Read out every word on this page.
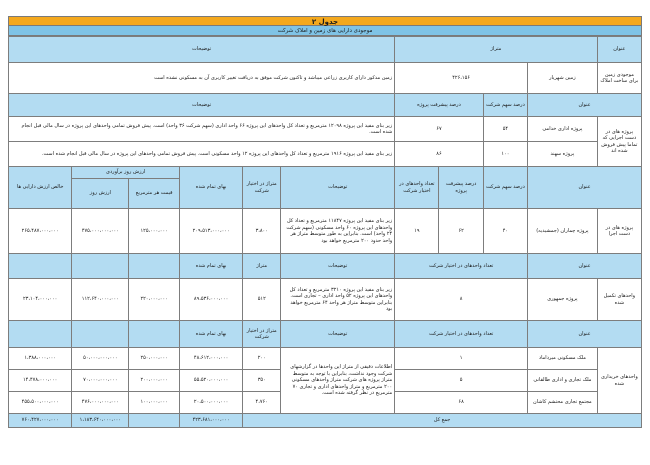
جدول ۲
موجودی دارایی های زمین و املاک شرکت
عنوان	متراژ		توضیحات
موجودی زمین برای ساخت املاک	زمین شهریار	۴۲۶،۱۵۶	زمین مذکور دارای کاربری زراعی میباشد و تاکنون شرکت موفق به دریافت تغییر کاربری آن به مسکونی نشده است
عنوان		درصد سهم شرکت	درصد پیشرفت پروژه	توضیحات
پروژه های در دست اجرایی که تماما پیش فروش شده اند	پروژه اداری خدامی	۵۴	۶۷	زیر بنای مفید این پروژه ۱۲۰۹۸ مترمربع و تعداد کل واحدهای این پروژه ۶۶ واحد اداری (سهم شرکت ۳۶ واحد) است. پیش فروش تمامی واحدهای این پروژه در سال مالی قبل انجام شده است.
	پروژه سهند	۱۰۰	۸۶	زیر بنای مفید این پروژه ۱۹۱۶ مترمربع و تعداد کل واحدهای این پروژه ۱۲ واحد مسکونی است. پیش فروش تمامی واحدهای این پروژه در سال مالی قبل انجام شده است.
عنوان		درصد سهم شرکت	درصد پیشرفت پروژه	تعداد واحدهای در اختیار شرکت	توضیحات	متراژ در اختیار شرکت	بهای تمام شده	ارزش روز برآوردی		خالص ارزش دارایی ها
								قیمت هر مترمربع	ارزش روز	
پروژه های در دست اجرا	پروژه چماران (جمشیدیه)	۴۰	۶۲	۱۹	زیر بنای مفید این پروژه ۱۱۸۴۷ مترمربع و تعداد کل واحدهای این پروژه ۶۰ واحد مسکونی (سهم شرکت ۲۴ واحد) است. بنابراین به طور متوسط متراژ هر واحد حدود ۲۰۰ مترمربع خواهد بود	۳،۸۰۰	۲۰۹،۵۱۳،۰۰۰،۰۰۰	۱۲۵،۰۰۰،۰۰۰	۴۷۵،۰۰۰،۰۰۰،۰۰۰	۲۶۵،۴۸۷،۰۰۰،۰۰۰
عنوان		تعداد واحدهای در اختیار شرکت	توضیحات	متراژ	بهای تمام شده			
واحدهای تکمیل شده	پروژه جمهوری	۸	زیر بنای مفید این پروژه ۳۲۱۰ مترمربع و تعداد کل واحدهای این پروژه ۵۲ واحد اداری – تجاری است. بنابراین متوسط متراژ هر واحد ۶۴ مترمربع خواهد بود	۵۱۲	۸۹،۵۳۶،۰۰۰،۰۰۰	۲۲۰،۰۰۰،۰۰۰	۱۱۲،۶۴۰،۰۰۰،۰۰۰	۲۳،۱۰۴،۰۰۰،۰۰۰
عنوان		تعداد واحدهای در اختیار شرکت	توضیحات	متراژ در اختیار شرکت	بهای تمام شده			
واحدهای خریداری شده	ملک مسکونی میرداماد	۱	اطلاعات دقیقی از متراژ این واحدها در گزارشهای شرکت وجود نداشت، بنابراین با توجه به متوسط متراژ پروژه های شرکت متراژ واحدهای مسکونی ۲۰۰ مترمربع و متراژ واحدهای اداری و تجاری ۷۰ مترمربع در نظر گرفته شده است.	۲۰۰	۴۸،۶۱۲،۰۰۰،۰۰۰	۲۵۰،۰۰۰،۰۰۰	۵۰،۰۰۰،۰۰۰،۰۰۰	۱،۳۸۸،۰۰۰،۰۰۰
	ملک تجاری و اداری طالقانی	۵		۳۵۰	۵۵،۵۲۰،۰۰۰،۰۰۰	۲۰۰،۰۰۰،۰۰۰	۷۰،۰۰۰،۰۰۰،۰۰۰	۱۴،۴۷۸،۰۰۰،۰۰۰
	مجتمع تجاری محتشم کاشان	۶۸		۴،۷۶۰	۲۰،۵۰۰،۰۰۰،۰۰۰	۱۰۰،۰۰۰،۰۰۰	۴۷۶،۰۰۰،۰۰۰،۰۰۰	۴۵۵،۵۰۰،۰۰۰،۰۰۰
جمع کل					۴۲۳،۶۸۱،۰۰۰،۰۰۰		۱،۱۸۳،۶۴۰،۰۰۰،۰۰۰	۷۶۰،۴۲۷،۰۰۰،۰۰۰
